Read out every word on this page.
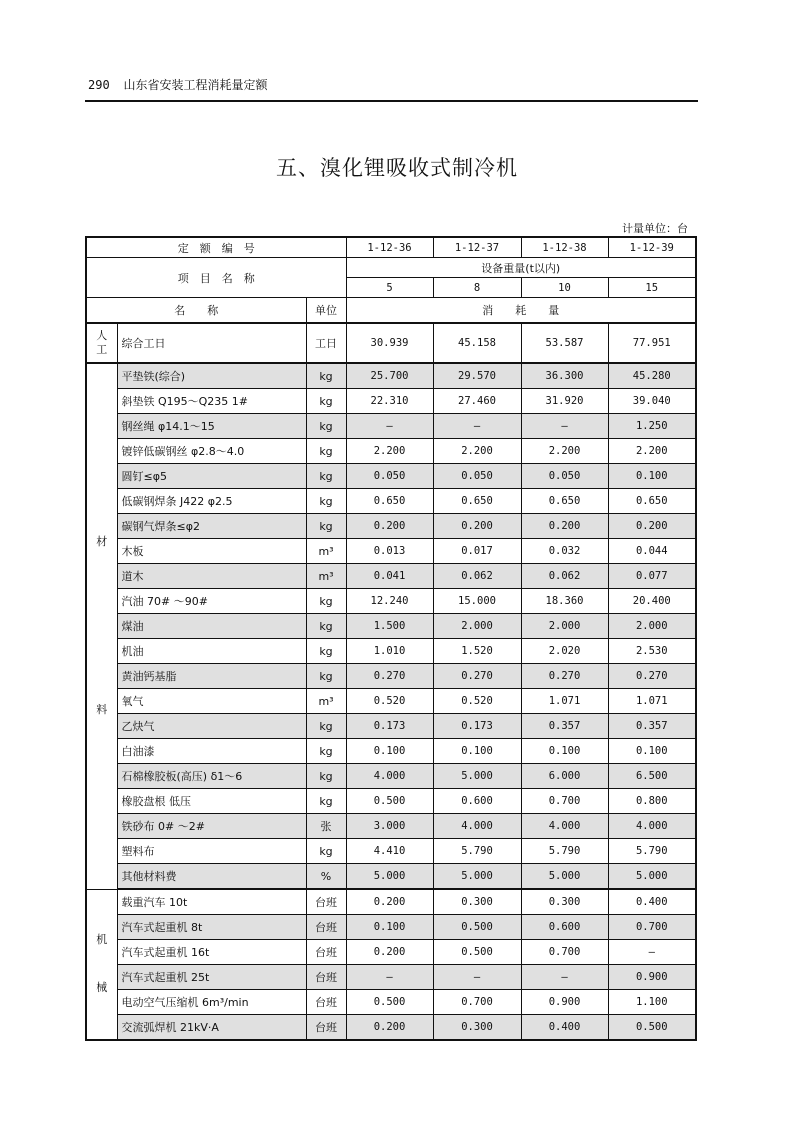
290 山东省安装工程消耗量定额
五、溴化锂吸收式制冷机
计量单位：台
定　额　编　号			1-12-36	1-12-37	1-12-38	1-12-39
项　目　名　称			设备重量(t以内)			
			5	8	10	15
名　　称		单位	消　　耗　　量			

人
工	综合工日	工日	30.939	45.158	53.587	77.951

材
料	平垫铁(综合)	kg	25.700	29.570	36.300	45.280
	斜垫铁 Q195～Q235 1#	kg	22.310	27.460	31.920	39.040
	钢丝绳 φ14.1～15	kg	—	—	—	1.250
	镀锌低碳钢丝 φ2.8～4.0	kg	2.200	2.200	2.200	2.200
	圆钉≤φ5	kg	0.050	0.050	0.050	0.100
	低碳钢焊条 J422 φ2.5	kg	0.650	0.650	0.650	0.650
	碳钢气焊条≤φ2	kg	0.200	0.200	0.200	0.200
	木板	m³	0.013	0.017	0.032	0.044
	道木	m³	0.041	0.062	0.062	0.077
	汽油 70# ～90#	kg	12.240	15.000	18.360	20.400
	煤油	kg	1.500	2.000	2.000	2.000
	机油	kg	1.010	1.520	2.020	2.530
	黄油钙基脂	kg	0.270	0.270	0.270	0.270
	氧气	m³	0.520	0.520	1.071	1.071
	乙炔气	kg	0.173	0.173	0.357	0.357
	白油漆	kg	0.100	0.100	0.100	0.100
	石棉橡胶板(高压) δ1～6	kg	4.000	5.000	6.000	6.500
	橡胶盘根 低压	kg	0.500	0.600	0.700	0.800
	铁砂布 0# ～2#	张	3.000	4.000	4.000	4.000
	塑料布	kg	4.410	5.790	5.790	5.790
	其他材料费	%	5.000	5.000	5.000	5.000

机
械	载重汽车 10t	台班	0.200	0.300	0.300	0.400
	汽车式起重机 8t	台班	0.100	0.500	0.600	0.700
	汽车式起重机 16t	台班	0.200	0.500	0.700	—
	汽车式起重机 25t	台班	—	—	—	0.900
	电动空气压缩机 6m³/min	台班	0.500	0.700	0.900	1.100
	交流弧焊机 21kV·A	台班	0.200	0.300	0.400	0.500
